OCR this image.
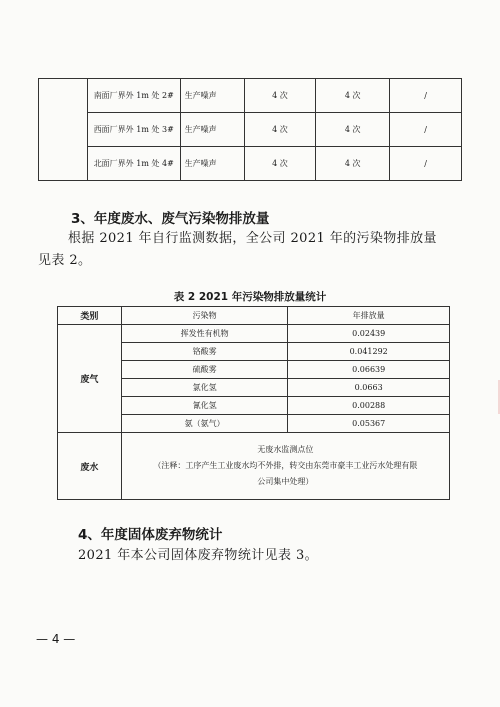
	南面厂界外 1m 处 2#	生产噪声	4 次	4 次	/
	西面厂界外 1m 处 3#	生产噪声	4 次	4 次	/
	北面厂界外 1m 处 4#	生产噪声	4 次	4 次	/
3、年度废水、废气污染物排放量
根据 2021 年自行监测数据，全公司 2021 年的污染物排放量
见表 2。
表 2 2021 年污染物排放量统计
类别	污染物	年排放量
废气	挥发性有机物	0.02439
	铬酸雾	0.041292
	硫酸雾	0.06639
	氯化氢	0.0663
	氰化氢	0.00288
	氨（氨气）	0.05367
废水	无废水监测点位
（注释：工序产生工业废水均不外排，转交由东莞市豪丰工业污水处理有限
公司集中处理）	
4、年度固体废弃物统计
2021 年本公司固体废弃物统计见表 3。
— 4 —
